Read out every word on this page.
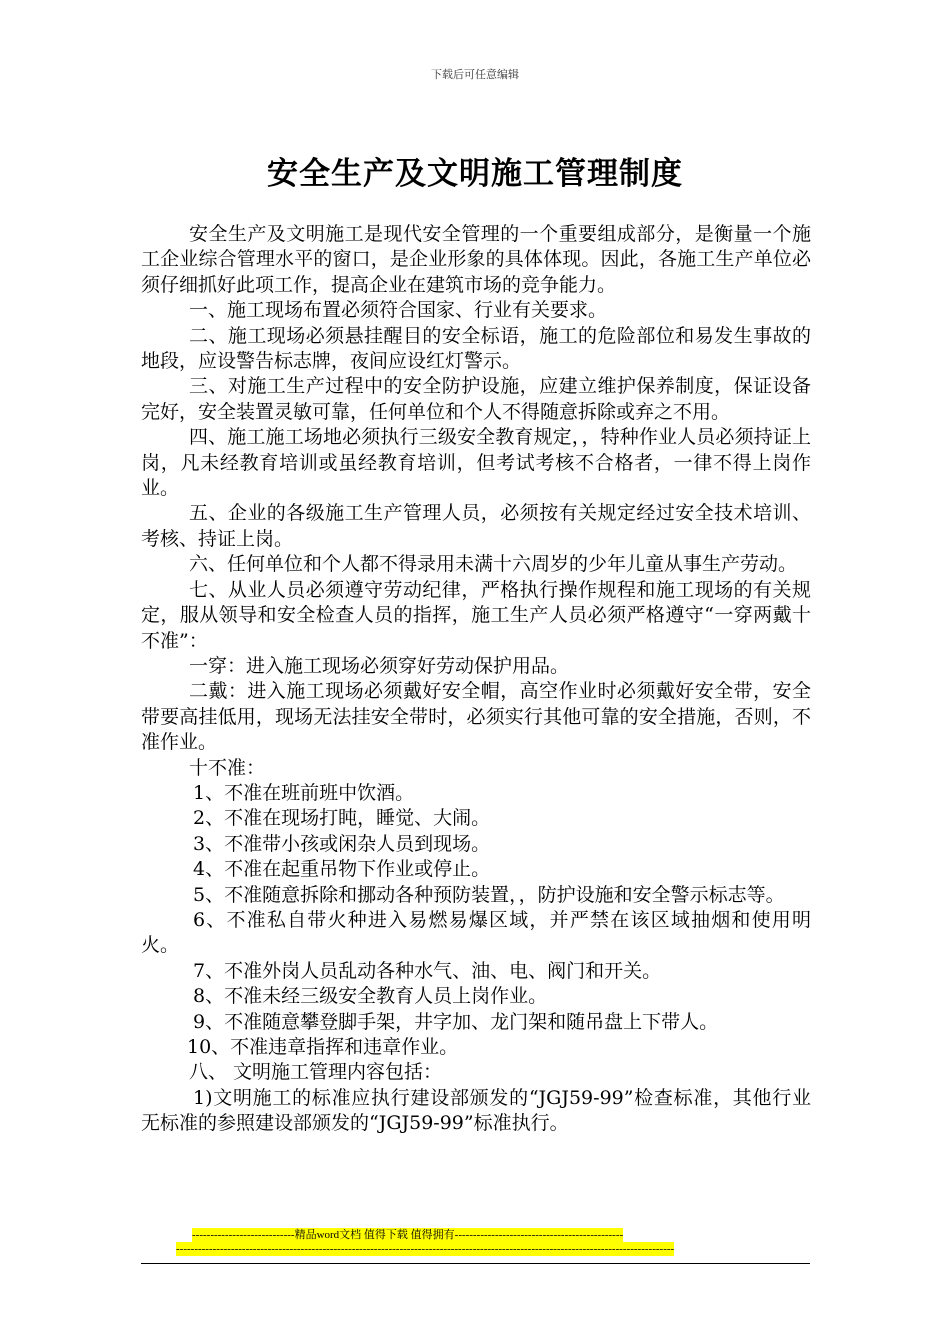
下载后可任意编辑
安全生产及文明施工管理制度

安全生产及文明施工是现代安全管理的一个重要组成部分，是衡量一个施工企业综合管理水平的窗口，是企业形象的具体体现。因此，各施工生产单位必须仔细抓好此项工作，提高企业在建筑市场的竞争能力。

一、施工现场布置必须符合国家、行业有关要求。

二、施工现场必须悬挂醒目的安全标语，施工的危险部位和易发生事故的地段，应设警告标志牌，夜间应设红灯警示。

三、对施工生产过程中的安全防护设施，应建立维护保养制度，保证设备完好，安全装置灵敏可靠，任何单位和个人不得随意拆除或弃之不用。

四、施工施工场地必须执行三级安全教育规定，，特种作业人员必须持证上岗，凡未经教育培训或虽经教育培训，但考试考核不合格者，一律不得上岗作业。

五、企业的各级施工生产管理人员，必须按有关规定经过安全技术培训、考核、持证上岗。

六、任何单位和个人都不得录用未满十六周岁的少年儿童从事生产劳动。

七、从业人员必须遵守劳动纪律，严格执行操作规程和施工现场的有关规定，服从领导和安全检查人员的指挥，施工生产人员必须严格遵守“一穿两戴十不准”：

一穿：进入施工现场必须穿好劳动保护用品。

二戴：进入施工现场必须戴好安全帽，高空作业时必须戴好安全带，安全带要高挂低用，现场无法挂安全带时，必须实行其他可靠的安全措施，否则，不准作业。

十不准：

1、不准在班前班中饮酒。

2、不准在现场打盹，睡觉、大闹。

3、不准带小孩或闲杂人员到现场。

4、不准在起重吊物下作业或停止。

5、不准随意拆除和挪动各种预防装置，，防护设施和安全警示标志等。

6、不准私自带火种进入易燃易爆区域，并严禁在该区域抽烟和使用明火。

7、不准外岗人员乱动各种水气、油、电、阀门和开关。

8、不准未经三级安全教育人员上岗作业。

9、不准随意攀登脚手架，井字加、龙门架和随吊盘上下带人。

10、不准违章指挥和违章作业。

八、 文明施工管理内容包括：

1)文明施工的标准应执行建设部颁发的“JGJ59-99”检查标准，其他行业无标准的参照建设部颁发的“JGJ59-99”标准执行。

----------------------------精品word文档 值得下载 值得拥有----------------------------------------------
----------------------------------------------------------------------------------------------------------------------------------------
